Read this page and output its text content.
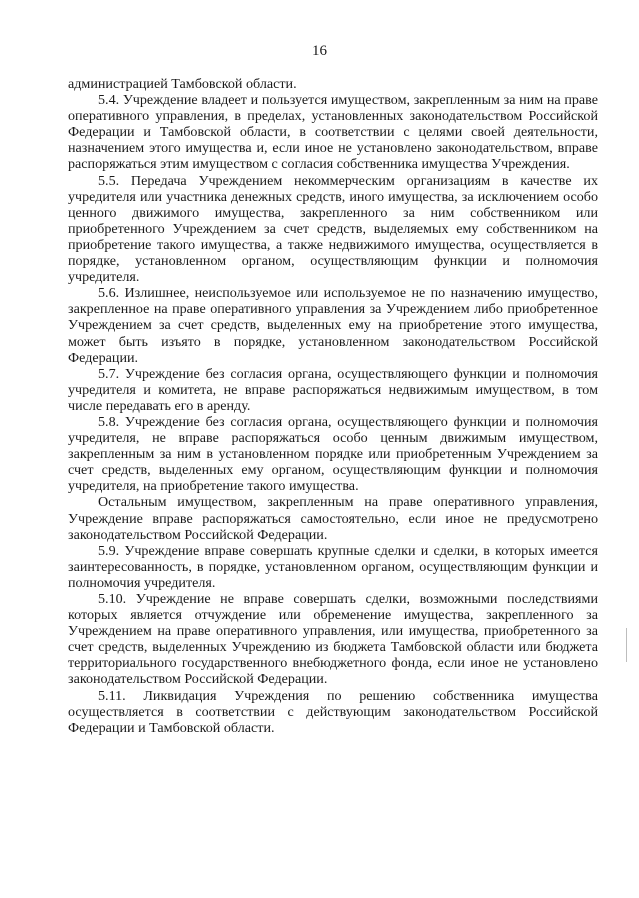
16

администрацией Тамбовской области.

5.4. Учреждение владеет и пользуется имуществом, закрепленным за ним на праве оперативного управления, в пределах, установленных законодательством Российской Федерации и Тамбовской области, в соответствии с целями своей деятельности, назначением этого имущества и, если иное не установлено законодательством, вправе распоряжаться этим имуществом с согласия собственника имущества Учреждения.

5.5. Передача Учреждением некоммерческим организациям в качестве их учредителя или участника денежных средств, иного имущества, за исключением особо ценного движимого имущества, закрепленного за ним собственником или приобретенного Учреждением за счет средств, выделяемых ему собственником на приобретение такого имущества, а также недвижимого имущества, осуществляется в порядке, установленном органом, осуществляющим функции и полномочия учредителя.

5.6. Излишнее, неиспользуемое или используемое не по назначению имущество, закрепленное на праве оперативного управления за Учреждением либо приобретенное Учреждением за счет средств, выделенных ему на приобретение этого имущества, может быть изъято в порядке, установленном законодательством Российской Федерации.

5.7. Учреждение без согласия органа, осуществляющего функции и полномочия учредителя и комитета, не вправе распоряжаться недвижимым имуществом, в том числе передавать его в аренду.

5.8. Учреждение без согласия органа, осуществляющего функции и полномочия учредителя, не вправе распоряжаться особо ценным движимым имуществом, закрепленным за ним в установленном порядке или приобретенным Учреждением за счет средств, выделенных ему органом, осуществляющим функции и полномочия учредителя, на приобретение такого имущества.

Остальным имуществом, закрепленным на праве оперативного управления, Учреждение вправе распоряжаться самостоятельно, если иное не предусмотрено законодательством Российской Федерации.

5.9. Учреждение вправе совершать крупные сделки и сделки, в которых имеется заинтересованность, в порядке, установленном органом, осуществляющим функции и полномочия учредителя.

5.10. Учреждение не вправе совершать сделки, возможными последствиями которых является отчуждение или обременение имущества, закрепленного за Учреждением на праве оперативного управления, или имущества, приобретенного за счет средств, выделенных Учреждению из бюджета Тамбовской области или бюджета территориального государственного внебюджетного фонда, если иное не установлено законодательством Российской Федерации.

5.11. Ликвидация Учреждения по решению собственника имущества осуществляется в соответствии с действующим законодательством Российской Федерации и Тамбовской области.
